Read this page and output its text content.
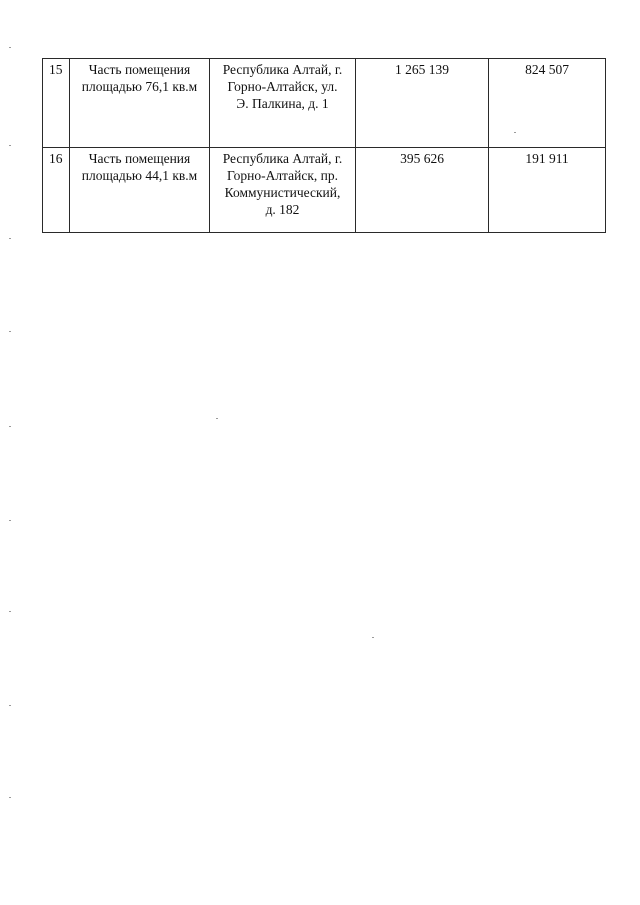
15	Часть помещения
площадью 76,1 кв.м	Республика Алтай, г.
Горно-Алтайск, ул.
Э. Палкина, д. 1	1 265 139	824 507
16	Часть помещения
площадью 44,1 кв.м	Республика Алтай, г.
Горно-Алтайск, пр.
Коммунистический,
д. 182	395 626	191 911
